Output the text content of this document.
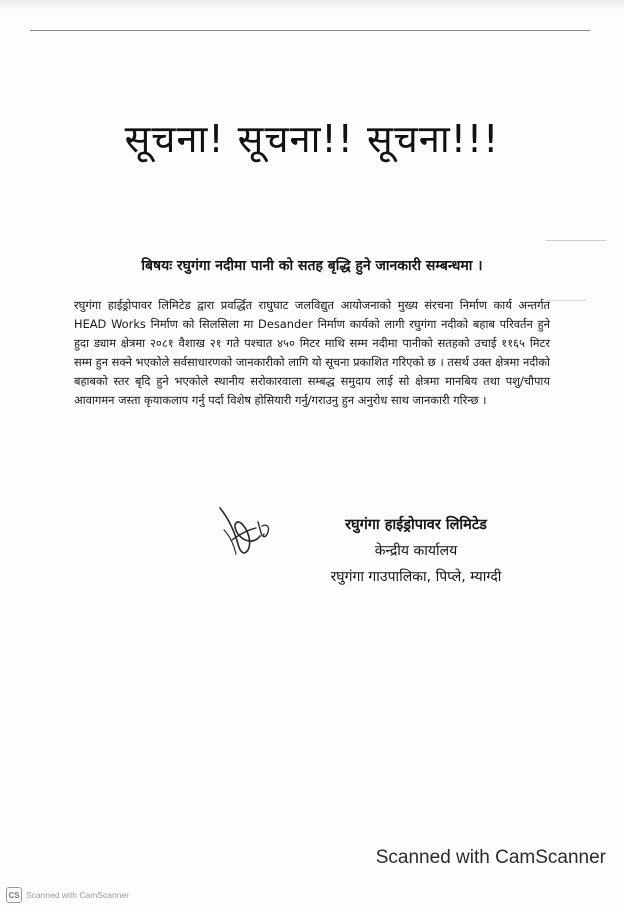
सूचना! सूचना!! सूचना!!!
बिषयः रघुगंगा नदीमा पानी को सतह बृद्धि हुने जानकारी सम्बन्धमा ।

रघुगंगा हाईड्रोपावर लिमिटेड द्वारा प्रवर्द्धित राघुघाट जलविद्युत आयोजनाको मुख्य संरचना निर्माण कार्य अन्तर्गत HEAD Works निर्माण को सिलसिला मा Desander निर्माण कार्यको लागी रघुगंगा नदीको बहाब परिवर्तन हुने हुदा ड्याम क्षेत्रमा २०८१ वैशाख २१ गते पश्चात ४५० मिटर माथि सम्म नदीमा पानीको सतहको उचाई ११६५ मिटर सम्म हुन सक्ने भएकोले सर्वसाधारणको जानकारीको लागि यो सूचना प्रकाशित गरिएको छ । तसर्थ उक्त क्षेत्रमा नदीको बहाबको स्तर बृदि हुने भएकोले स्थानीय सरोकारवाला सम्बद्ध समुदाय लाई सो क्षेत्रमा मानबिय तथा पशु/चौपाय आवागमन जस्ता कृयाकलाप गर्नु पर्दा विशेष होसियारी गर्नु/गराउनु हुन अनुरोध साथ जानकारी गरिन्छ ।

रघुगंगा हाईड्रोपावर लिमिटेड

केन्द्रीय कार्यालय

रघुगंगा गाउपालिका, पिप्ले, म्याग्दी

Scanned with CamScanner
CS Scanned with CamScanner
